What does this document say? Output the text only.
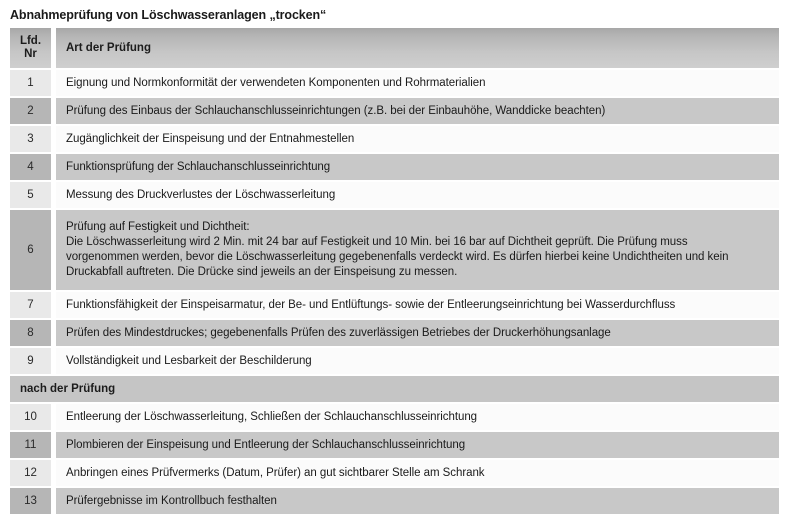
Abnahmeprüfung von Löschwasseranlagen „trocken“
Lfd.
Nr		Art der Prüfung

1		Eignung und Normkonformität der verwendeten Komponenten und Rohrmaterialien

2		Prüfung des Einbaus der Schlauchanschlusseinrichtungen (z.B. bei der Einbauhöhe, Wanddicke beachten)

3		Zugänglichkeit der Einspeisung und der Entnahmestellen

4		Funktionsprüfung der Schlauchanschlusseinrichtung

5		Messung des Druckverlustes der Löschwasserleitung

6		Prüfung auf Festigkeit und Dichtheit:
Die Löschwasserleitung wird 2 Min. mit 24 bar auf Festigkeit und 10 Min. bei 16 bar auf Dichtheit geprüft. Die Prüfung muss
vorgenommen werden, bevor die Löschwasserleitung gegebenenfalls verdeckt wird. Es dürfen hierbei keine Undichtheiten und kein
Druckabfall auftreten. Die Drücke sind jeweils an der Einspeisung zu messen.

7		Funktionsfähigkeit der Einspeisarmatur, der Be- und Entlüftungs- sowie der Entleerungseinrichtung bei Wasserdurchfluss

8		Prüfen des Mindestdruckes; gegebenenfalls Prüfen des zuverlässigen Betriebes der Druckerhöhungsanlage

9		Vollständigkeit und Lesbarkeit der Beschilderung

nach der Prüfung		

10		Entleerung der Löschwasserleitung, Schließen der Schlauchanschlusseinrichtung

11		Plombieren der Einspeisung und Entleerung der Schlauchanschlusseinrichtung

12		Anbringen eines Prüfvermerks (Datum, Prüfer) an gut sichtbarer Stelle am Schrank

13		Prüfergebnisse im Kontrollbuch festhalten
